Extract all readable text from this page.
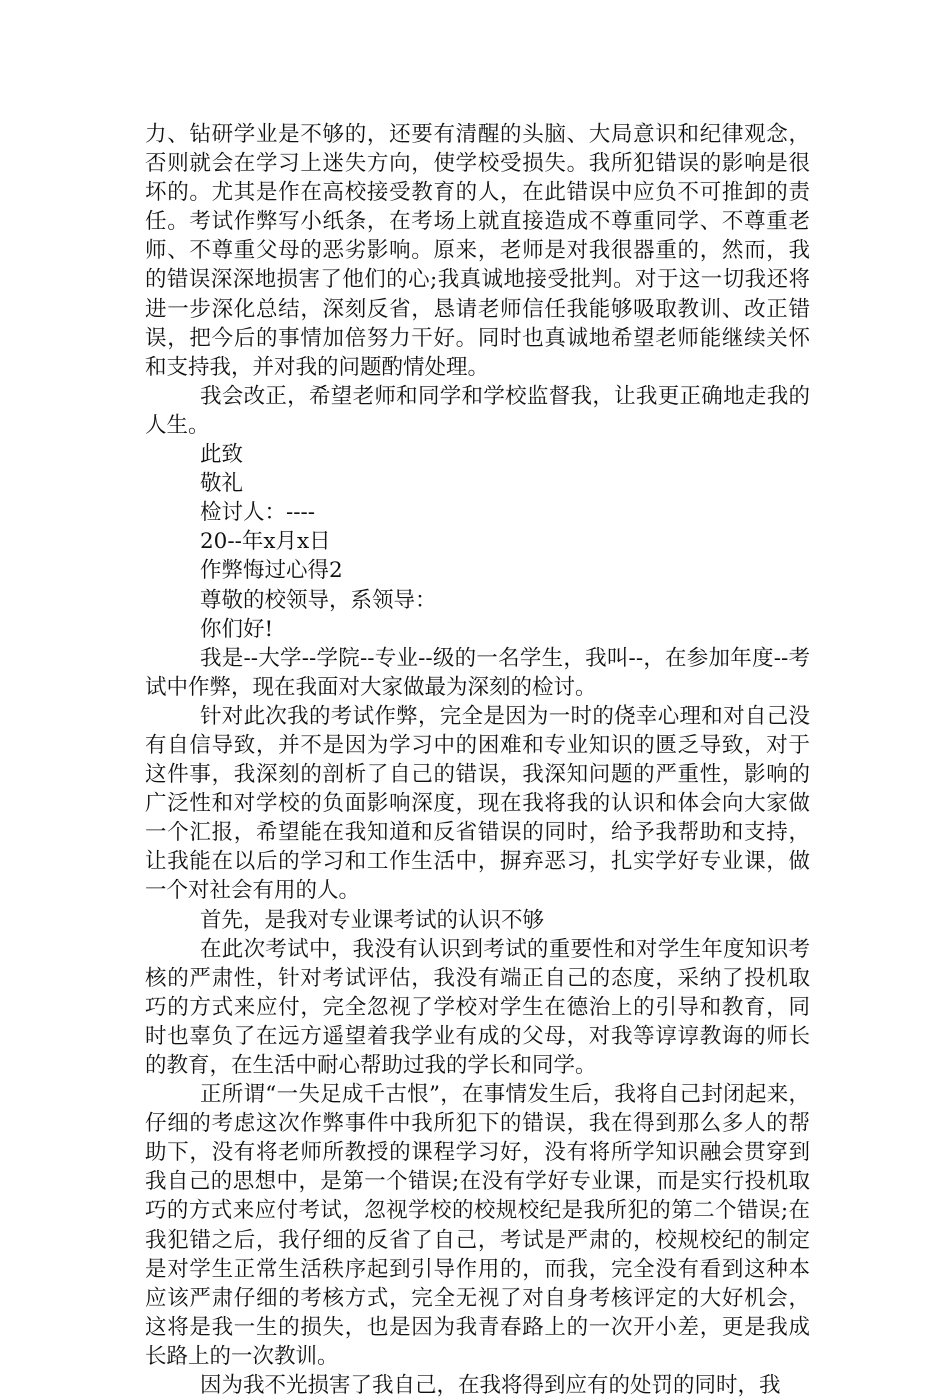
力、钻研学业是不够的，还要有清醒的头脑、大局意识和纪律观念，否则就会在学习上迷失方向，使学校受损失。我所犯错误的影响是很坏的。尤其是作在高校接受教育的人，在此错误中应负不可推卸的责任。考试作弊写小纸条，在考场上就直接造成不尊重同学、不尊重老师、不尊重父母的恶劣影响。原来，老师是对我很器重的，然而，我的错误深深地损害了他们的心;我真诚地接受批判。对于这一切我还将进一步深化总结，深刻反省，恳请老师信任我能够吸取教训、改正错误，把今后的事情加倍努力干好。同时也真诚地希望老师能继续关怀和支持我，并对我的问题酌情处理。

我会改正，希望老师和同学和学校监督我，让我更正确地走我的人生。

此致

敬礼

检讨人：----

20--年x月x日

作弊悔过心得2

尊敬的校领导，系领导：

你们好!

我是--大学--学院--专业--级的一名学生，我叫--，在参加年度--考试中作弊，现在我面对大家做最为深刻的检讨。

针对此次我的考试作弊，完全是因为一时的侥幸心理和对自己没有自信导致，并不是因为学习中的困难和专业知识的匮乏导致，对于这件事，我深刻的剖析了自己的错误，我深知问题的严重性，影响的广泛性和对学校的负面影响深度，现在我将我的认识和体会向大家做一个汇报，希望能在我知道和反省错误的同时，给予我帮助和支持，让我能在以后的学习和工作生活中，摒弃恶习，扎实学好专业课，做一个对社会有用的人。

首先，是我对专业课考试的认识不够

在此次考试中，我没有认识到考试的重要性和对学生年度知识考核的严肃性，针对考试评估，我没有端正自己的态度，采纳了投机取巧的方式来应付，完全忽视了学校对学生在德治上的引导和教育，同时也辜负了在远方遥望着我学业有成的父母，对我等谆谆教诲的师长的教育，在生活中耐心帮助过我的学长和同学。

正所谓“一失足成千古恨”，在事情发生后，我将自己封闭起来，仔细的考虑这次作弊事件中我所犯下的错误，我在得到那么多人的帮助下，没有将老师所教授的课程学习好，没有将所学知识融会贯穿到我自己的思想中，是第一个错误;在没有学好专业课，而是实行投机取巧的方式来应付考试，忽视学校的校规校纪是我所犯的第二个错误;在我犯错之后，我仔细的反省了自己，考试是严肃的，校规校纪的制定是对学生正常生活秩序起到引导作用的，而我，完全没有看到这种本应该严肃仔细的考核方式，完全无视了对自身考核评定的大好机会，这将是我一生的损失，也是因为我青春路上的一次开小差，更是我成长路上的一次教训。

因为我不光损害了我自己，在我将得到应有的处罚的同时，我
